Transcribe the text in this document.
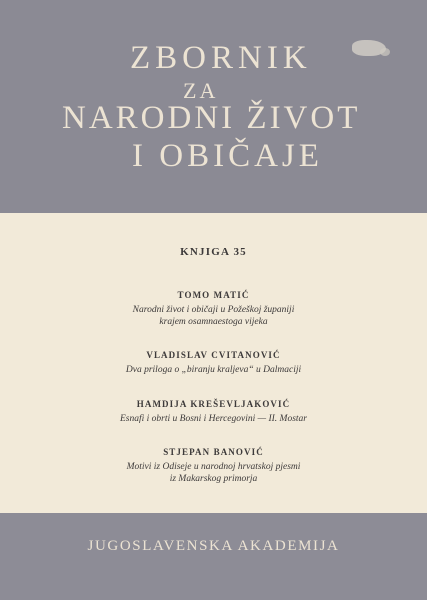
ZBORNIK
ZA
NARODNI ŽIVOT
I OBIČAJE
KNJIGA 35
TOMO MATIĆ
Narodni život i običaji u Požeškoj županiji
krajem osamnaestoga vijeka
VLADISLAV CVITANOVIĆ
Dva priloga o „biranju kraljeva“ u Dalmaciji
HAMDIJA KREŠEVLJAKOVIĆ
Esnafi i obrti u Bosni i Hercegovini — II. Mostar
STJEPAN BANOVIĆ
Motivi iz Odiseje u narodnoj hrvatskoj pjesmi
iz Makarskog primorja
JUGOSLAVENSKA AKADEMIJA
